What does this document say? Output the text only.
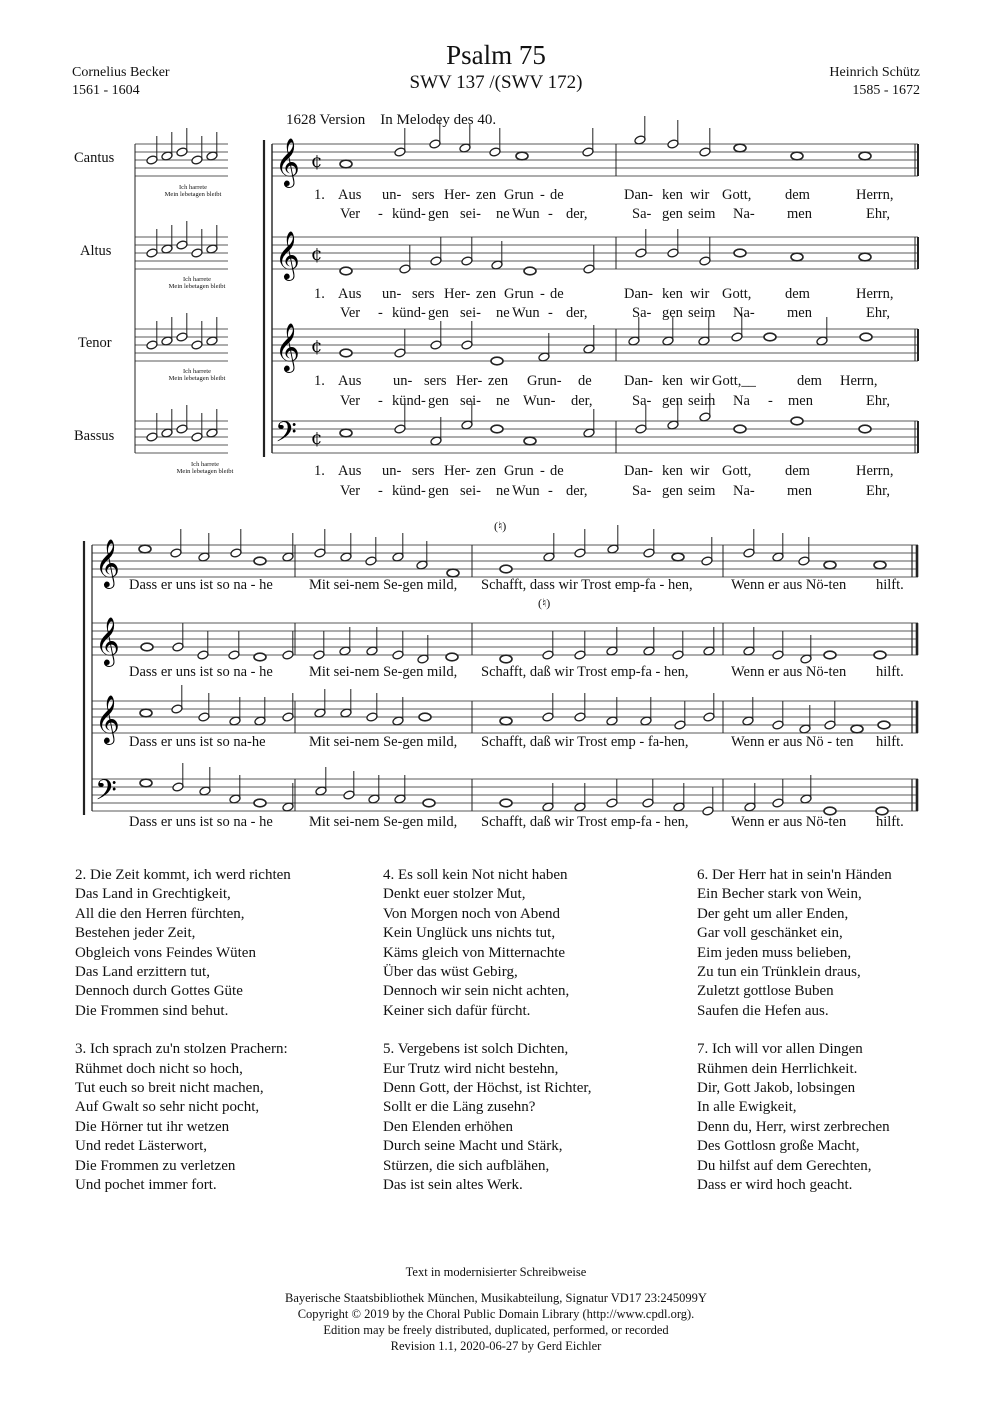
Psalm 75
SWV 137 /(SWV 172)
Cornelius Becker
1561 - 1604
Heinrich Schütz
1585 - 1672
1628 Version    In Melodey des 40.
𝄞 ¢
𝄞 ¢
𝄞 ¢
𝄢 ¢
𝄞
𝄞
𝄞
𝄢
Cantus
Altus
Tenor
Bassus
Ich harrete
Mein lebetagen bleibt
Ich harrete
Mein lebetagen bleibt
Ich harrete
Mein lebetagen bleibt
Ich harrete
Mein lebetagen bleibt
(♮)
(♮)
1. Aus un- sers Her- zen Grun - de	Dan- ken wir Gott, dem	Herrn,
Ver - künd- gen sei- ne Wun - der,	Sa- gen seim Na- men	Ehr,
1. Aus un- sers Her- zen Grun - de	Dan- ken wir Gott, dem	Herrn,
Ver - künd- gen sei- ne Wun - der,	Sa- gen seim Na- men	Ehr,
1. Aus un- sers Her- zen Grun- de Dan- ken wir Gott,__	dem Herrn,
Ver - künd- gen sei- ne Wun- der,	Sa- gen seim Na - men	Ehr,
1. Aus un- sers Her- zen Grun - de	Dan- ken wir Gott, dem	Herrn,
Ver - künd- gen sei- ne Wun - der,	Sa- gen seim Na- men	Ehr,
Dass er uns ist so na - he Mit sei-nem Se-gen mild, Schafft, dass wir Trost emp-fa - hen,	Wenn er aus Nö-ten hilft.
Dass er uns ist so na - he Mit sei-nem Se-gen mild, Schafft, daß wir Trost emp-fa - hen,	Wenn er aus Nö-ten hilft.
Dass er uns ist so na-he	Mit sei-nem Se-gen mild, Schafft, daß wir Trost emp - fa-hen,	Wenn er aus Nö - ten hilft.
Dass er uns ist so na - he Mit sei-nem Se-gen mild, Schafft, daß wir Trost emp-fa - hen,	Wenn er aus Nö-ten hilft.

2. Die Zeit kommt, ich werd richten
Das Land in Grechtigkeit,
All die den Herren fürchten,
Bestehen jeder Zeit,
Obgleich vons Feindes Wüten
Das Land erzittern tut,
Dennoch durch Gottes Güte
Die Frommen sind behut.

3. Ich sprach zu'n stolzen Prachern:
Rühmet doch nicht so hoch,
Tut euch so breit nicht machen,
Auf Gwalt so sehr nicht pocht,
Die Hörner tut ihr wetzen
Und redet Lästerwort,
Die Frommen zu verletzen
Und pochet immer fort.

4. Es soll kein Not nicht haben
Denkt euer stolzer Mut,
Von Morgen noch von Abend
Kein Unglück uns nichts tut,
Käms gleich von Mitternachte
Über das wüst Gebirg,
Dennoch wir sein nicht achten,
Keiner sich dafür fürcht.

5. Vergebens ist solch Dichten,
Eur Trutz wird nicht bestehn,
Denn Gott, der Höchst, ist Richter,
Sollt er die Läng zusehn?
Den Elenden erhöhen
Durch seine Macht und Stärk,
Stürzen, die sich aufblähen,
Das ist sein altes Werk.

6. Der Herr hat in sein'n Händen
Ein Becher stark von Wein,
Der geht um aller Enden,
Gar voll geschänket ein,
Eim jeden muss belieben,
Zu tun ein Trünklein draus,
Zuletzt gottlose Buben
Saufen die Hefen aus.

7. Ich will vor allen Dingen
Rühmen dein Herrlichkeit.
Dir, Gott Jakob, lobsingen
In alle Ewigkeit,
Denn du, Herr, wirst zerbrechen
Des Gottlosn große Macht,
Du hilfst auf dem Gerechten,
Dass er wird hoch geacht.

Text in modernisierter Schreibweise
Bayerische Staatsbibliothek München, Musikabteilung, Signatur VD17 23:245099Y
Copyright © 2019 by the Choral Public Domain Library (http://www.cpdl.org).
Edition may be freely distributed, duplicated, performed, or recorded
Revision 1.1, 2020-06-27 by Gerd Eichler
